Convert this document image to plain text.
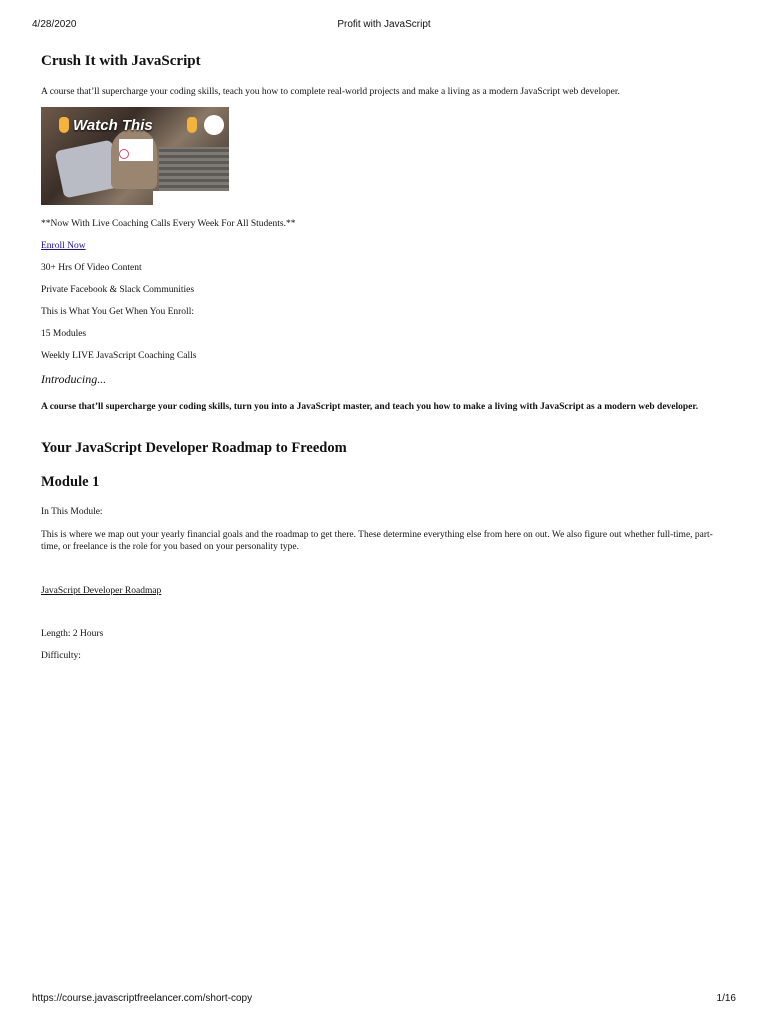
4/28/2020	Profit with JavaScript
Crush It with JavaScript

A course that’ll supercharge your coding skills, teach you how to complete real-world projects and make a living as a modern JavaScript web developer.

Watch This

**Now With Live Coaching Calls Every Week For All Students.**

Enroll Now

30+ Hrs Of Video Content

Private Facebook & Slack Communities

This is What You Get When You Enroll:

15 Modules

Weekly LIVE JavaScript Coaching Calls

Introducing...

A course that’ll supercharge your coding skills, turn you into a JavaScript master, and teach you how to make a living with JavaScript as a modern web developer.

Your JavaScript Developer Roadmap to Freedom
Module 1

In This Module:

This is where we map out your yearly financial goals and the roadmap to get there. These determine everything else from here on out. We also figure out whether full-time, part-time, or freelance is the role for you based on your personality type.

JavaScript Developer Roadmap

Length: 2 Hours

Difficulty:

https://course.javascriptfreelancer.com/short-copy	1/16
